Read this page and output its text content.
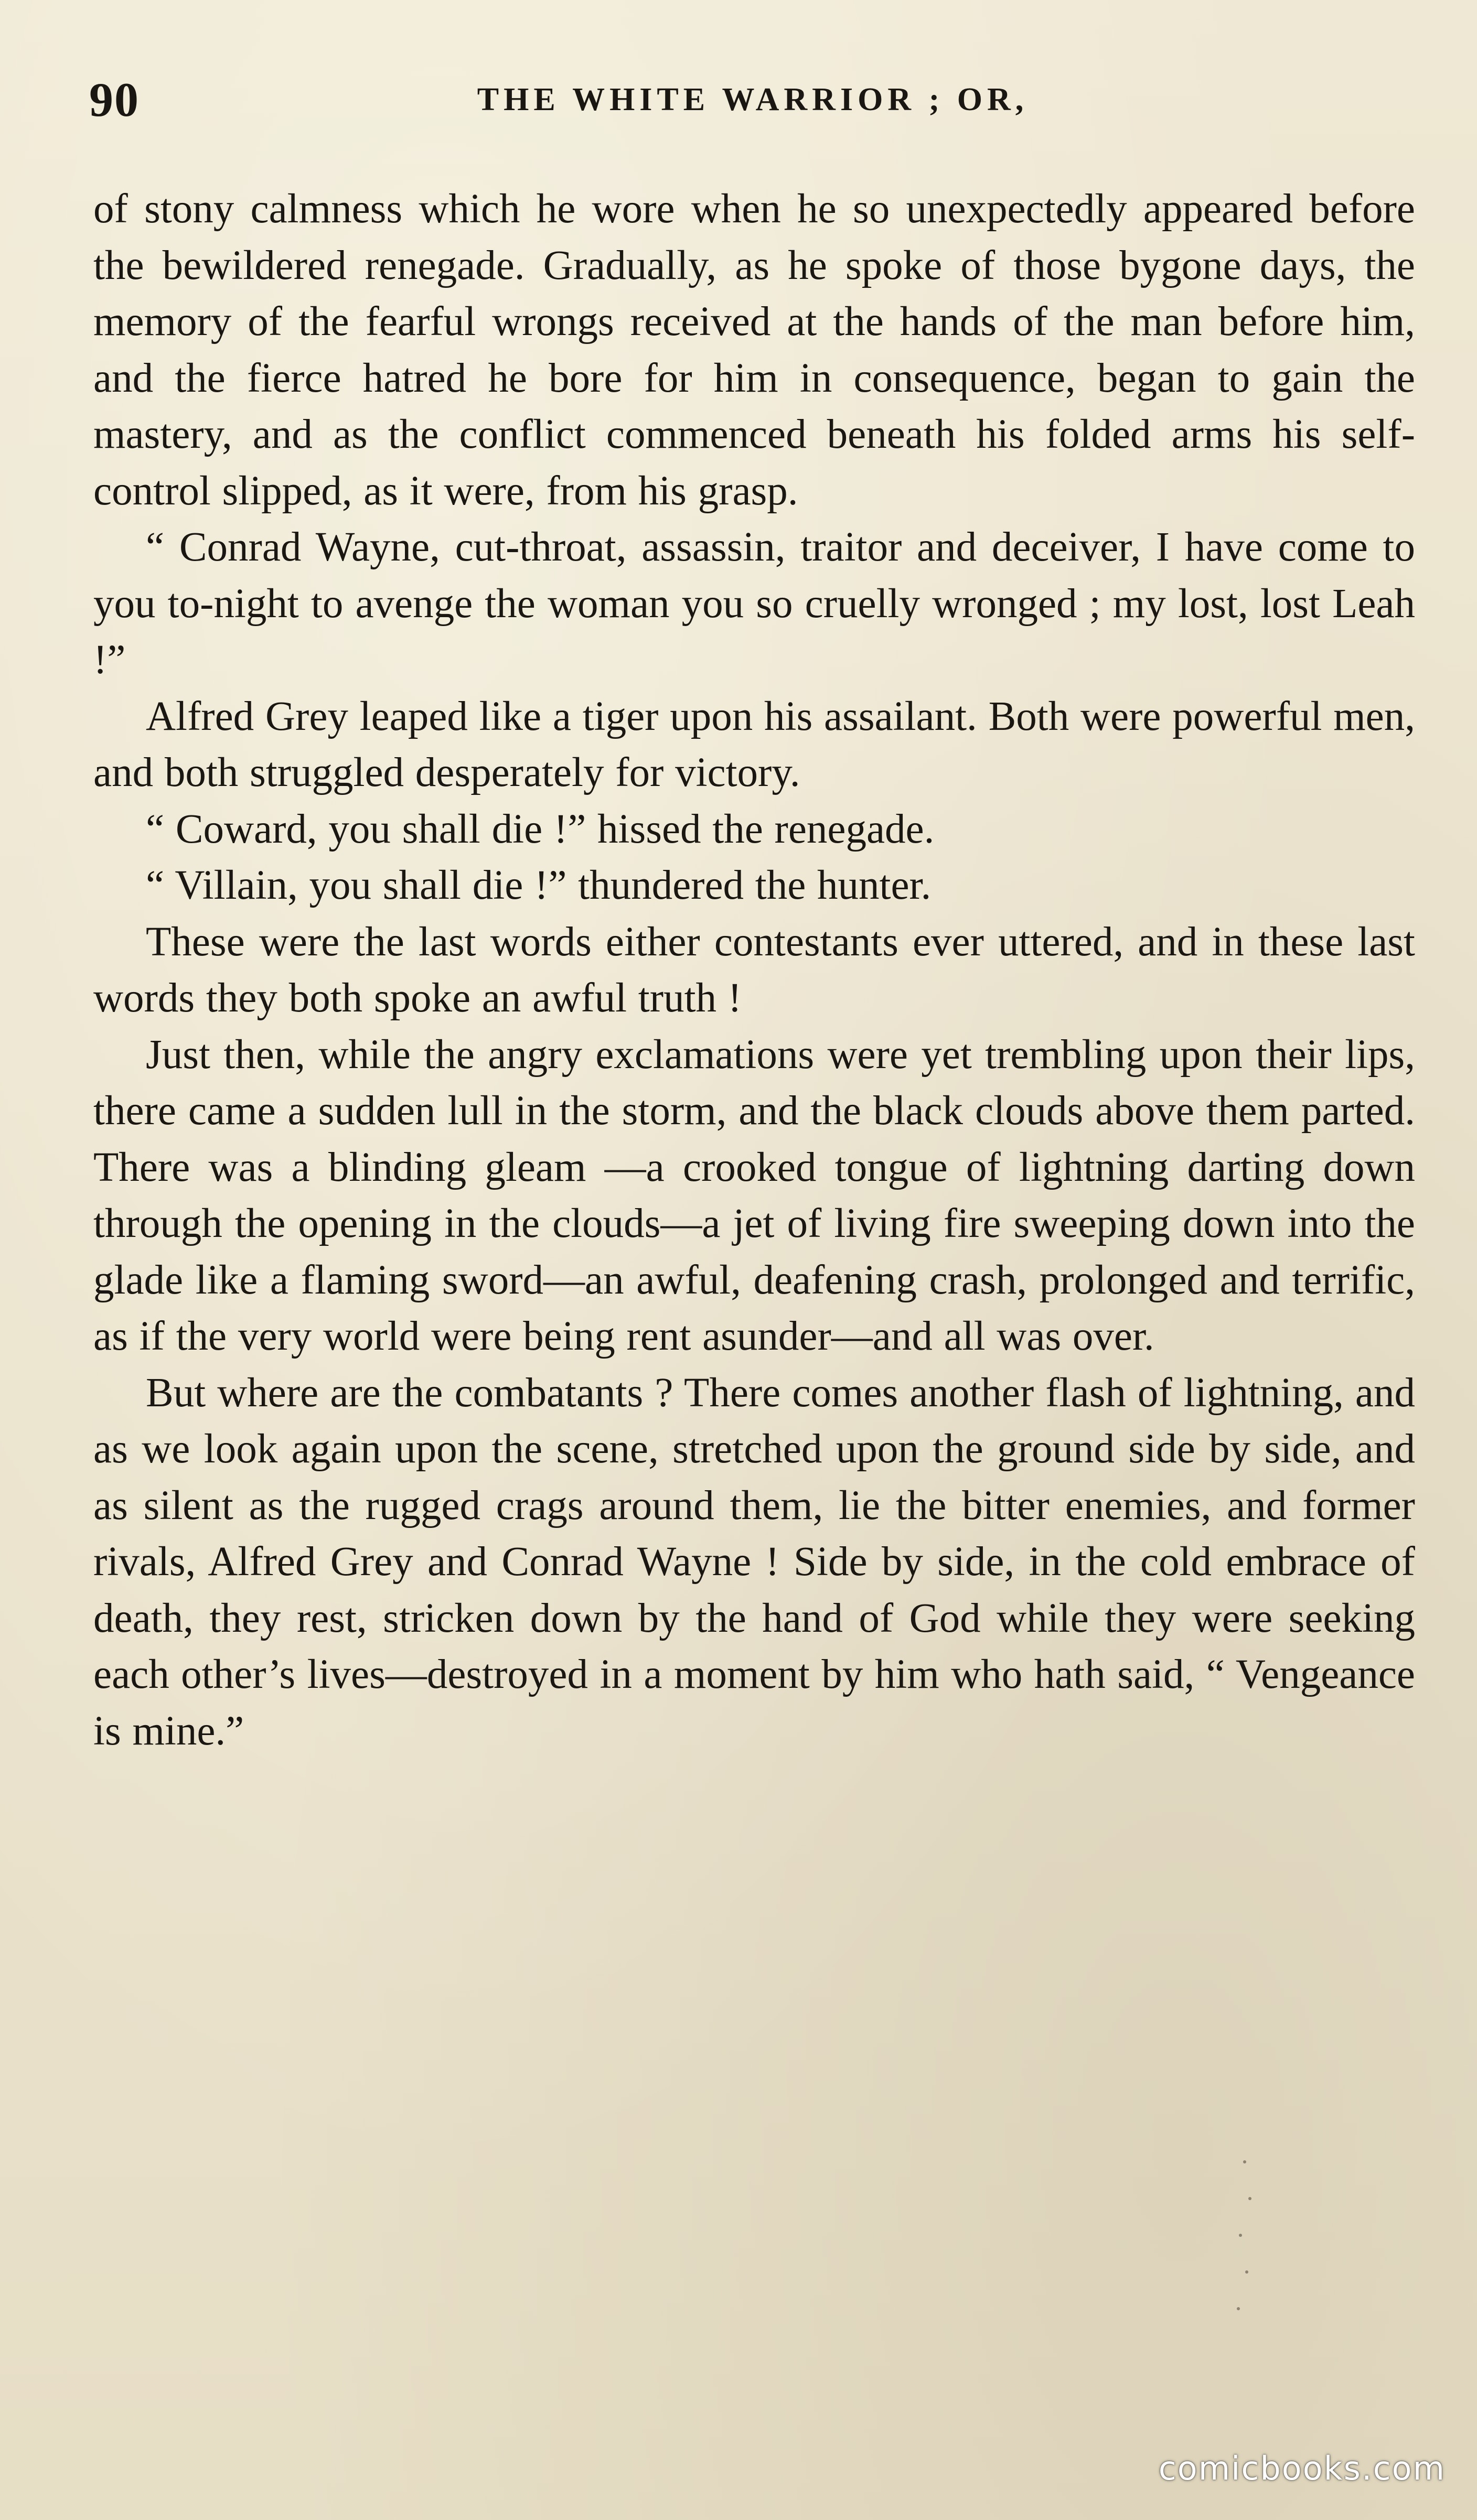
90	THE WHITE WARRIOR ; OR,

of stony calmness which he wore when he so unexpectedly appeared before the bewildered renegade. Gradually, as he spoke of those bygone days, the memory of the fearful wrongs received at the hands of the man before him, and the fierce hatred he bore for him in consequence, began to gain the mastery, and as the conflict commenced beneath his folded arms his self-control slipped, as it were, from his grasp.

“ Conrad Wayne, cut-throat, assassin, traitor and deceiver, I have come to you to-night to avenge the woman you so cruelly wronged ; my lost, lost Leah !”

Alfred Grey leaped like a tiger upon his assailant. Both were powerful men, and both struggled desperately for victory.

“ Coward, you shall die !” hissed the renegade.

“ Villain, you shall die !” thundered the hunter.

These were the last words either contestants ever uttered, and in these last words they both spoke an awful truth !

Just then, while the angry exclamations were yet trembling upon their lips, there came a sudden lull in the storm, and the black clouds above them parted. There was a blinding gleam —a crooked tongue of lightning darting down through the opening in the clouds—a jet of living fire sweeping down into the glade like a flaming sword—an awful, deafening crash, prolonged and terrific, as if the very world were being rent asunder—and all was over.

But where are the combatants ? There comes another flash of lightning, and as we look again upon the scene, stretched upon the ground side by side, and as silent as the rugged crags around them, lie the bitter enemies, and former rivals, Alfred Grey and Conrad Wayne ! Side by side, in the cold embrace of death, they rest, stricken down by the hand of God while they were seeking each other’s lives—destroyed in a moment by him who hath said, “ Vengeance is mine.”

comicbooks.com
